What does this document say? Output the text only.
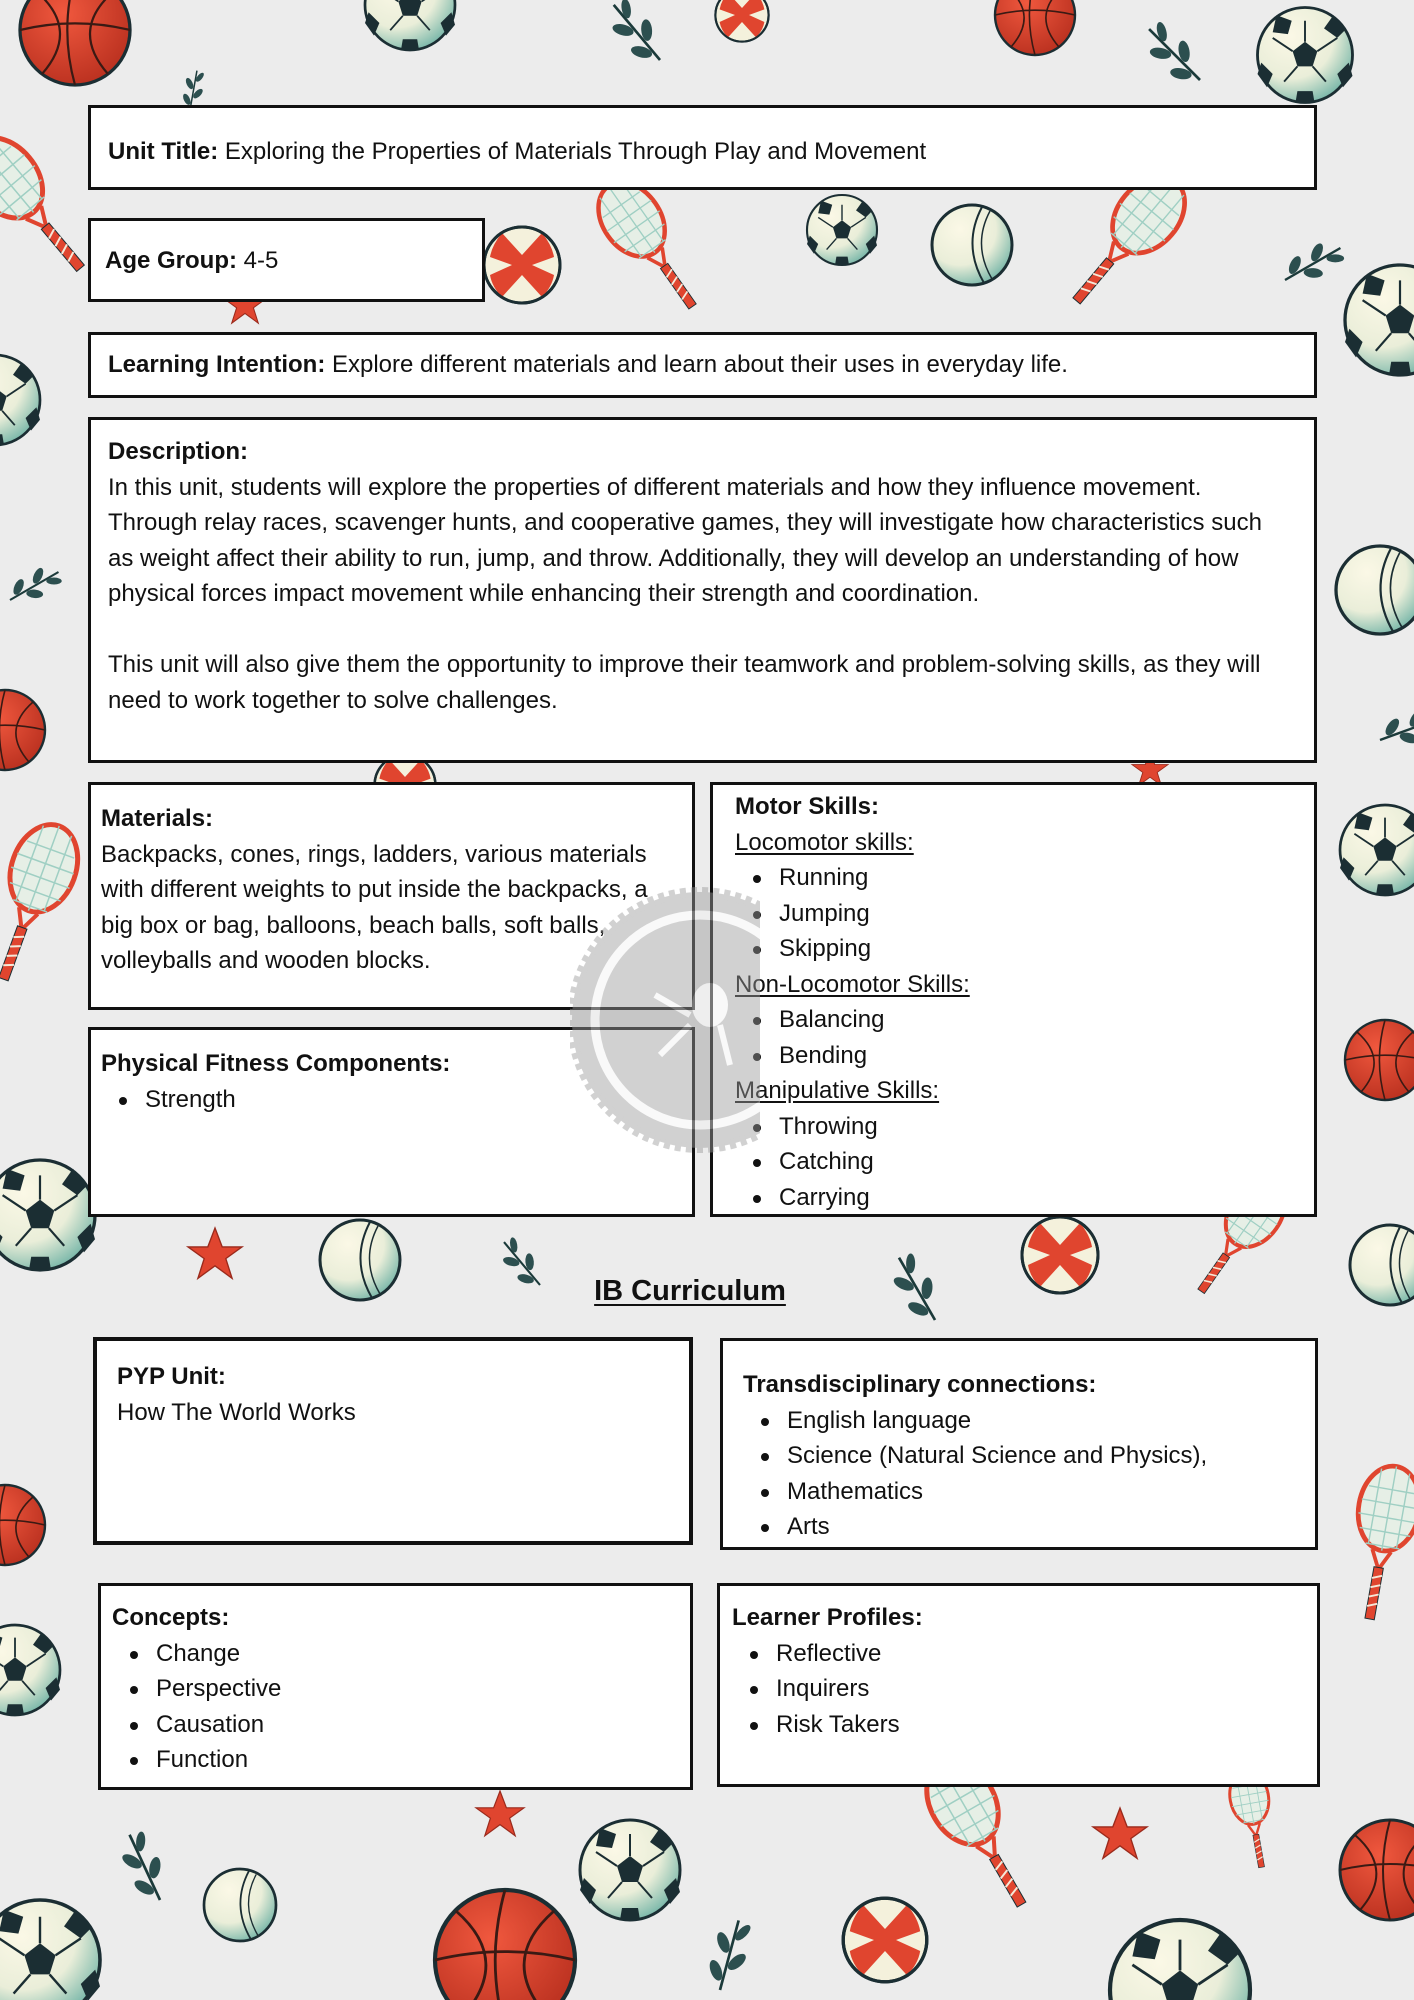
Unit Title: Exploring the Properties of Materials Through Play and Movement
Age Group: 4-5
Learning Intention: Explore different materials and learn about their uses in everyday life.
Description:
In this unit, students will explore the properties of different materials and how they influence movement. Through relay races, scavenger hunts, and cooperative games, they will investigate how characteristics such as weight affect their ability to run, jump, and throw. Additionally, they will develop an understanding of how physical forces impact movement while enhancing their strength and coordination.
This unit will also give them the opportunity to improve their teamwork and problem-solving skills, as they will need to work together to solve challenges.
Materials:
Backpacks, cones, rings, ladders, various materials with different weights to put inside the backpacks, a big box or bag, balloons, beach balls, soft balls, volleyballs and wooden blocks.
Physical Fitness Components:
Strength
Motor Skills:
Locomotor skills:
Running
Jumping
Skipping
Non-Locomotor Skills:
Balancing
Bending
Manipulative Skills:
Throwing
Catching
Carrying
IB Curriculum
PYP Unit:
How The World Works
Transdisciplinary connections:
English language
Science (Natural Science and Physics),
Mathematics
Arts
Concepts:
Change
Perspective
Causation
Function
Learner Profiles:
Reflective
Inquirers
Risk Takers
